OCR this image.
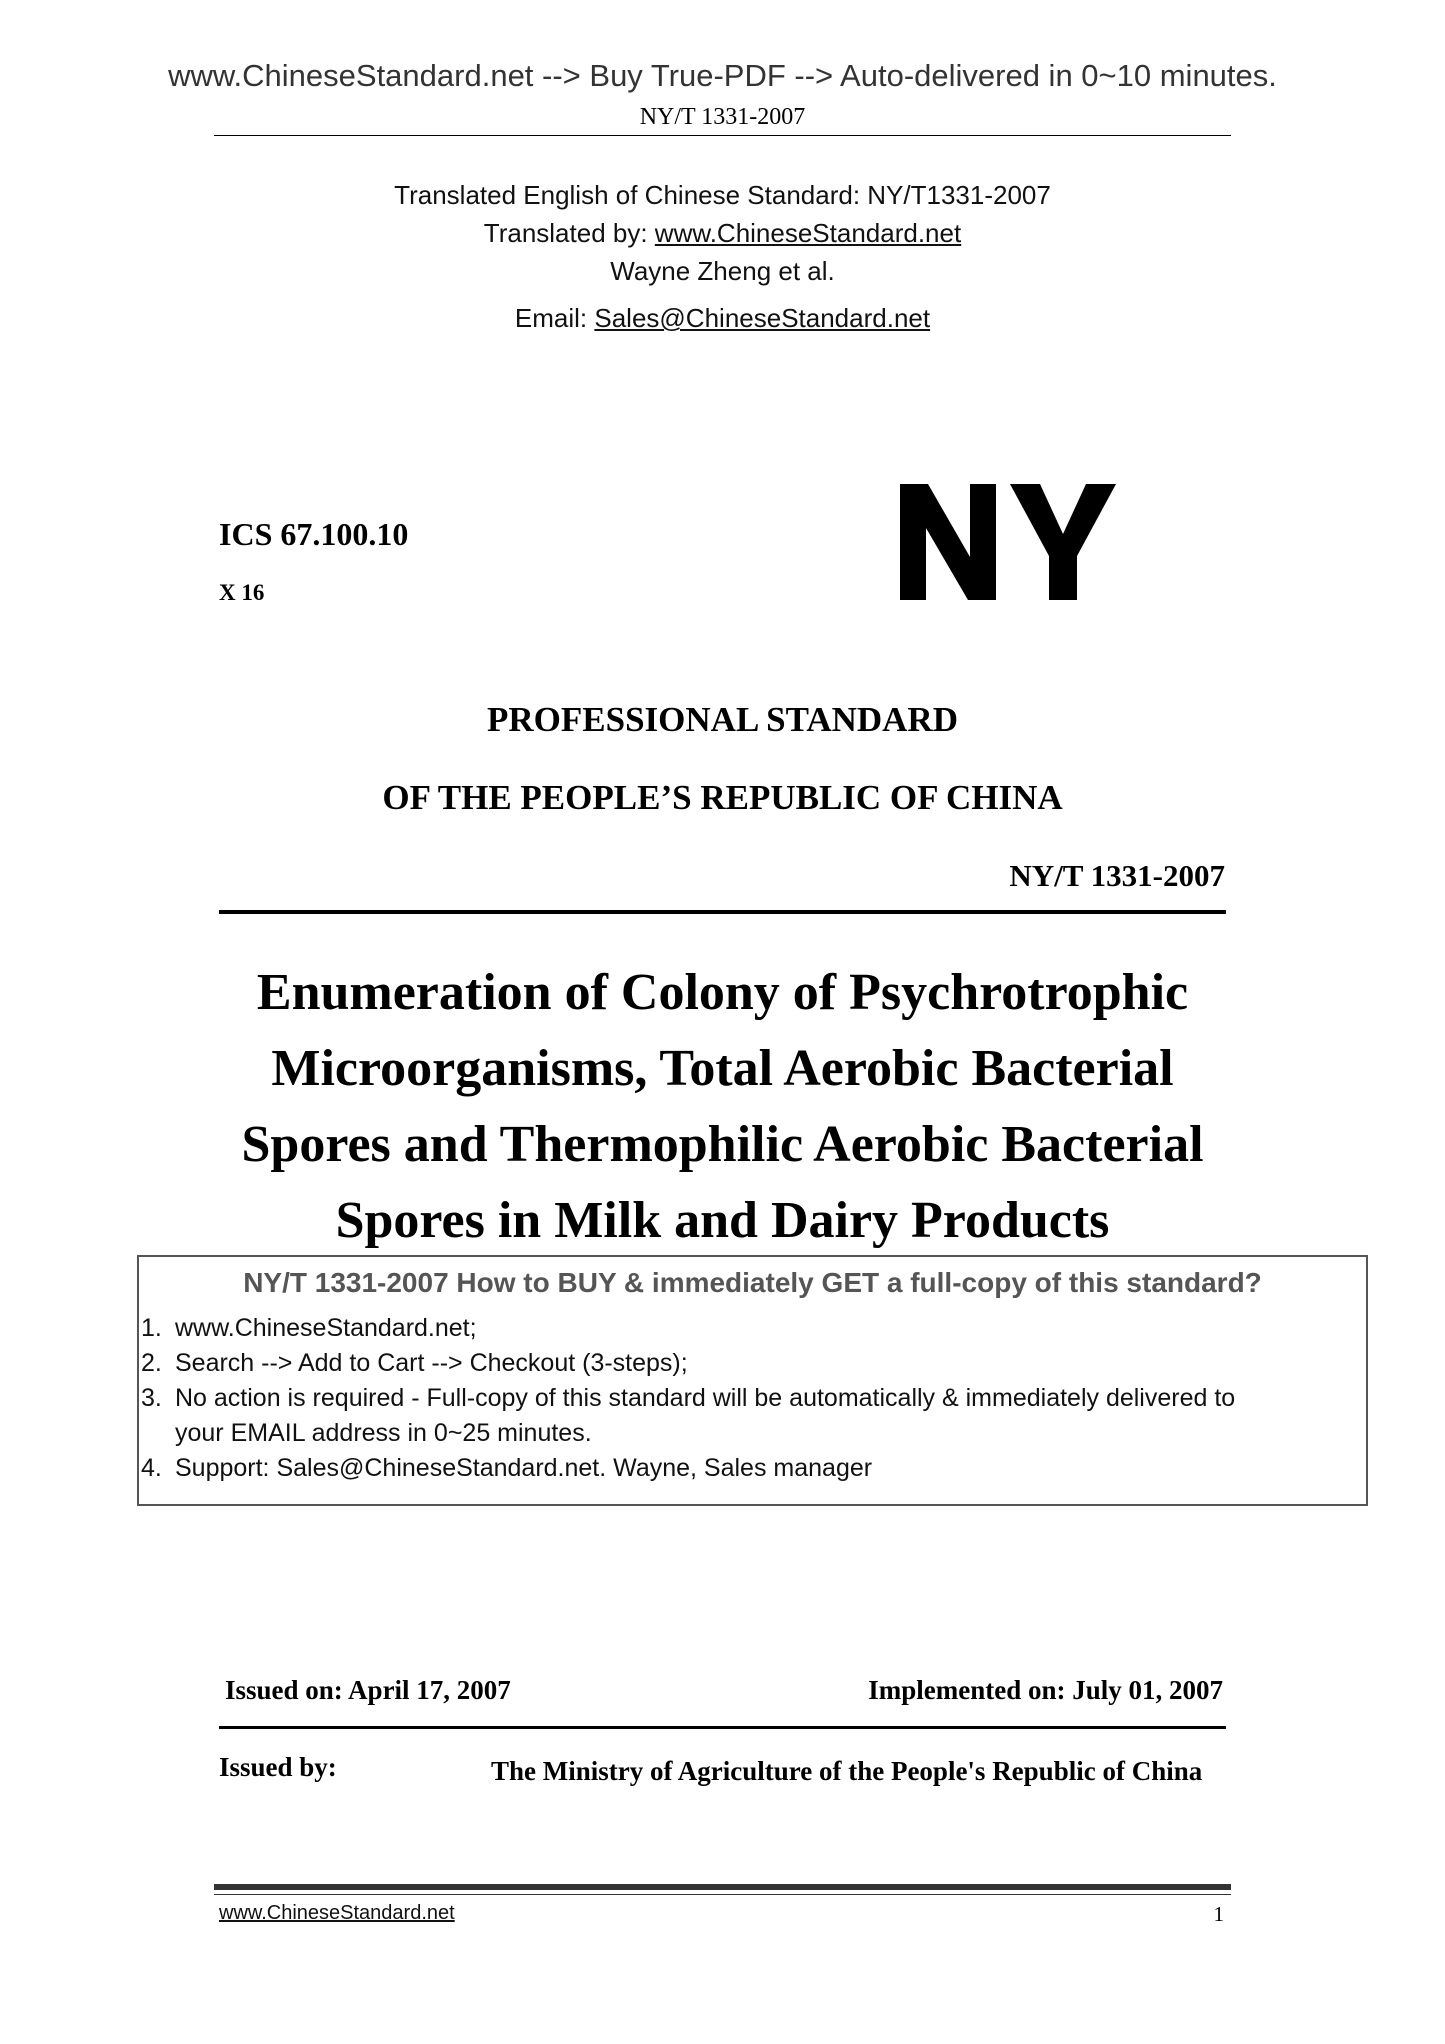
www.ChineseStandard.net --> Buy True-PDF --> Auto-delivered in 0~10 minutes.
NY/T 1331-2007
Translated English of Chinese Standard: NY/T1331-2007
Translated by: www.ChineseStandard.net
Wayne Zheng et al.
Email: Sales@ChineseStandard.net
ICS 67.100.10
X 16
PROFESSIONAL STANDARD
OF THE PEOPLE’S REPUBLIC OF CHINA
NY/T 1331-2007
Enumeration of Colony of Psychrotrophic
Microorganisms, Total Aerobic Bacterial
Spores and Thermophilic Aerobic Bacterial
Spores in Milk and Dairy Products
NY/T 1331-2007 How to BUY & immediately GET a full-copy of this standard?
1. www.ChineseStandard.net;
2. Search --> Add to Cart --> Checkout (3-steps);
3. No action is required - Full-copy of this standard will be automatically & immediately delivered to
your EMAIL address in 0~25 minutes.
4. Support: Sales@ChineseStandard.net. Wayne, Sales manager
Issued on: April 17, 2007	Implemented on: July 01, 2007
Issued by:	The Ministry of Agriculture of the People's Republic of China
www.ChineseStandard.net	1
